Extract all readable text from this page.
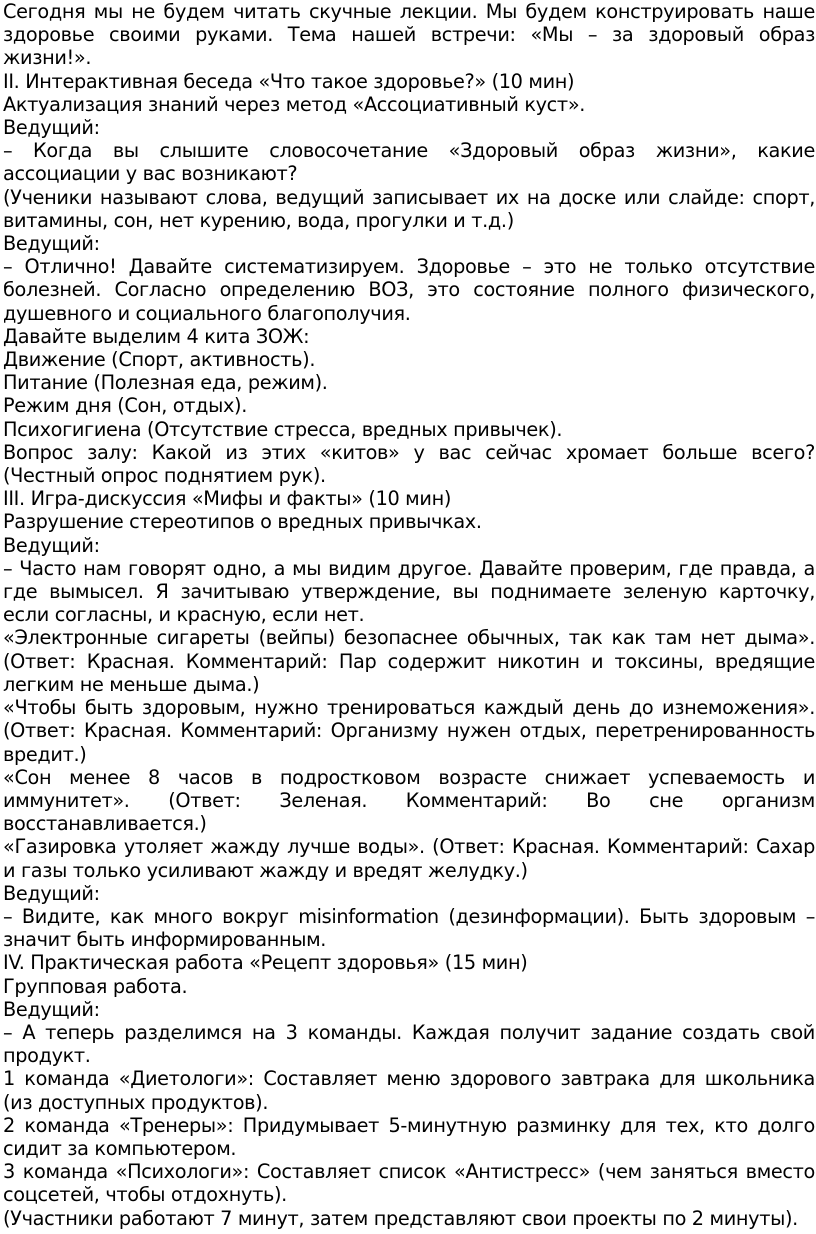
Сегодня мы не будем читать скучные лекции. Мы будем конструировать наше здоровье своими руками. Тема нашей встречи: «Мы – за здоровый образ жизни!».

II. Интерактивная беседа «Что такое здоровье?» (10 мин)

Актуализация знаний через метод «Ассоциативный куст».

Ведущий:

– Когда вы слышите словосочетание «Здоровый образ жизни», какие ассоциации у вас возникают?

(Ученики называют слова, ведущий записывает их на доске или слайде: спорт, витамины, сон, нет курению, вода, прогулки и т.д.)

Ведущий:

– Отлично! Давайте систематизируем. Здоровье – это не только отсутствие болезней. Согласно определению ВОЗ, это состояние полного физического, душевного и социального благополучия.

Давайте выделим 4 кита ЗОЖ:

Движение (Спорт, активность).

Питание (Полезная еда, режим).

Режим дня (Сон, отдых).

Психогигиена (Отсутствие стресса, вредных привычек).

Вопрос залу: Какой из этих «китов» у вас сейчас хромает больше всего? (Честный опрос поднятием рук).

III. Игра-дискуссия «Мифы и факты» (10 мин)

Разрушение стереотипов о вредных привычках.

Ведущий:

– Часто нам говорят одно, а мы видим другое. Давайте проверим, где правда, а где вымысел. Я зачитываю утверждение, вы поднимаете зеленую карточку, если согласны, и красную, если нет.

«Электронные сигареты (вейпы) безопаснее обычных, так как там нет дыма». (Ответ: Красная. Комментарий: Пар содержит никотин и токсины, вредящие легким не меньше дыма.)

«Чтобы быть здоровым, нужно тренироваться каждый день до изнеможения». (Ответ: Красная. Комментарий: Организму нужен отдых, перетренированность вредит.)

«Сон менее 8 часов в подростковом возрасте снижает успеваемость и иммунитет». (Ответ: Зеленая. Комментарий: Во сне организм восстанавливается.)

«Газировка утоляет жажду лучше воды». (Ответ: Красная. Комментарий: Сахар и газы только усиливают жажду и вредят желудку.)

Ведущий:

– Видите, как много вокруг misinformation (дезинформации). Быть здоровым – значит быть информированным.

IV. Практическая работа «Рецепт здоровья» (15 мин)

Групповая работа.

Ведущий:

– А теперь разделимся на 3 команды. Каждая получит задание создать свой продукт.

1 команда «Диетологи»: Составляет меню здорового завтрака для школьника (из доступных продуктов).

2 команда «Тренеры»: Придумывает 5-минутную разминку для тех, кто долго сидит за компьютером.

3 команда «Психологи»: Составляет список «Антистресс» (чем заняться вместо соцсетей, чтобы отдохнуть).

(Участники работают 7 минут, затем представляют свои проекты по 2 минуты).
